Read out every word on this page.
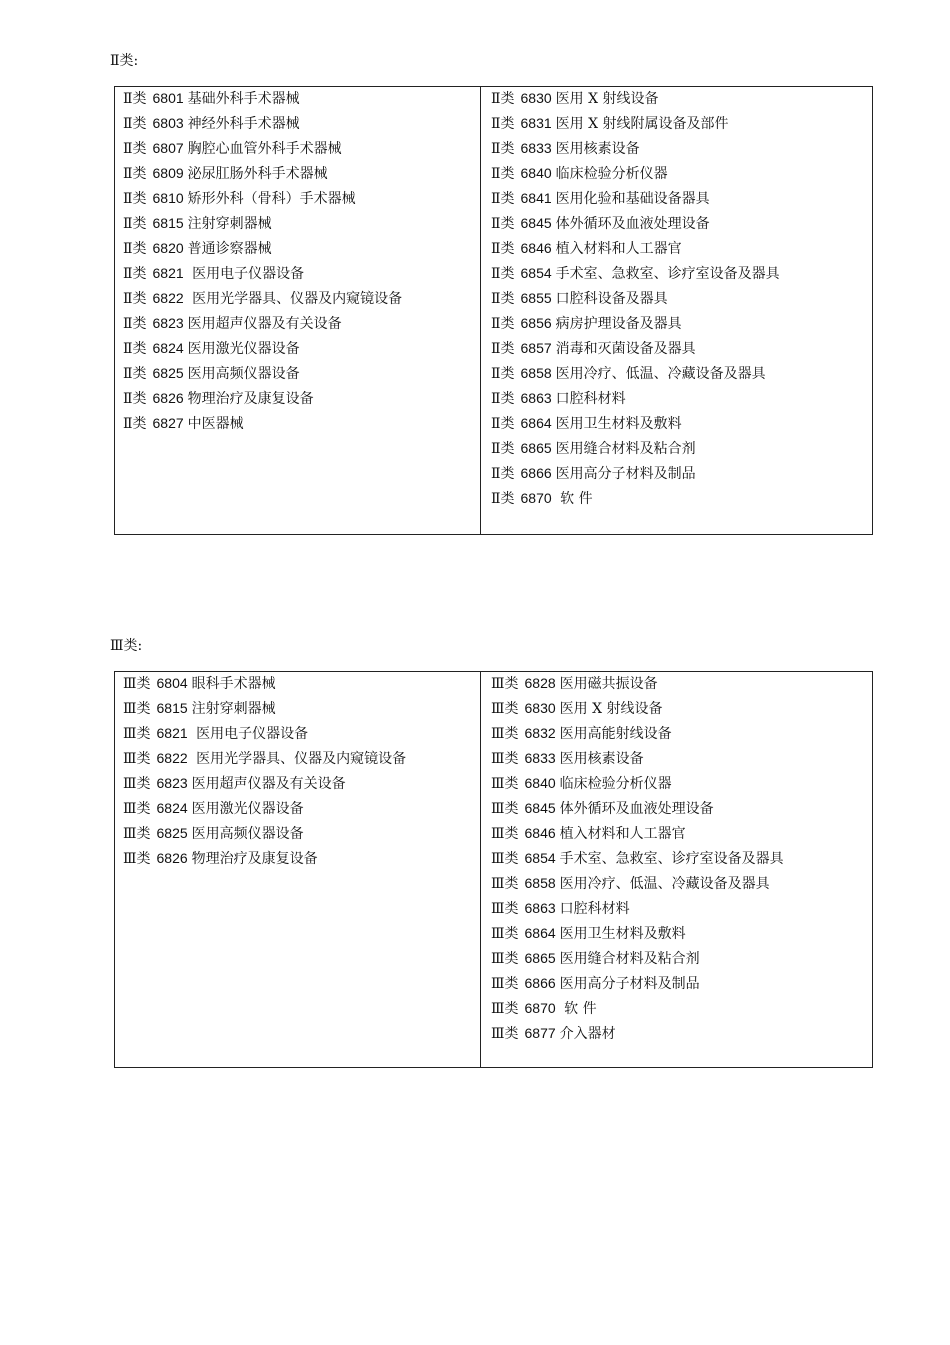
Ⅱ类:
Ⅱ类 6801 基础外科手术器械
Ⅱ类 6803 神经外科手术器械
Ⅱ类 6807 胸腔心血管外科手术器械
Ⅱ类 6809 泌尿肛肠外科手术器械
Ⅱ类 6810 矫形外科（骨科）手术器械
Ⅱ类 6815 注射穿刺器械
Ⅱ类 6820 普通诊察器械
Ⅱ类 6821 医用电子仪器设备
Ⅱ类 6822 医用光学器具、仪器及内窥镜设备
Ⅱ类 6823 医用超声仪器及有关设备
Ⅱ类 6824 医用激光仪器设备
Ⅱ类 6825 医用高频仪器设备
Ⅱ类 6826 物理治疗及康复设备
Ⅱ类 6827 中医器械
Ⅱ类 6830 医用 X 射线设备
Ⅱ类 6831 医用 X 射线附属设备及部件
Ⅱ类 6833 医用核素设备
Ⅱ类 6840 临床检验分析仪器
Ⅱ类 6841 医用化验和基础设备器具
Ⅱ类 6845 体外循环及血液处理设备
Ⅱ类 6846 植入材料和人工器官
Ⅱ类 6854 手术室、急救室、诊疗室设备及器具
Ⅱ类 6855 口腔科设备及器具
Ⅱ类 6856 病房护理设备及器具
Ⅱ类 6857 消毒和灭菌设备及器具
Ⅱ类 6858 医用冷疗、低温、冷藏设备及器具
Ⅱ类 6863 口腔科材料
Ⅱ类 6864 医用卫生材料及敷料
Ⅱ类 6865 医用缝合材料及粘合剂
Ⅱ类 6866 医用高分子材料及制品
Ⅱ类 6870 软 件
Ⅲ类:
Ⅲ类 6804 眼科手术器械
Ⅲ类 6815 注射穿刺器械
Ⅲ类 6821 医用电子仪器设备
Ⅲ类 6822 医用光学器具、仪器及内窥镜设备
Ⅲ类 6823 医用超声仪器及有关设备
Ⅲ类 6824 医用激光仪器设备
Ⅲ类 6825 医用高频仪器设备
Ⅲ类 6826 物理治疗及康复设备
Ⅲ类 6828 医用磁共振设备
Ⅲ类 6830 医用 X 射线设备
Ⅲ类 6832 医用高能射线设备
Ⅲ类 6833 医用核素设备
Ⅲ类 6840 临床检验分析仪器
Ⅲ类 6845 体外循环及血液处理设备
Ⅲ类 6846 植入材料和人工器官
Ⅲ类 6854 手术室、急救室、诊疗室设备及器具
Ⅲ类 6858 医用冷疗、低温、冷藏设备及器具
Ⅲ类 6863 口腔科材料
Ⅲ类 6864 医用卫生材料及敷料
Ⅲ类 6865 医用缝合材料及粘合剂
Ⅲ类 6866 医用高分子材料及制品
Ⅲ类 6870 软 件
Ⅲ类 6877 介入器材
